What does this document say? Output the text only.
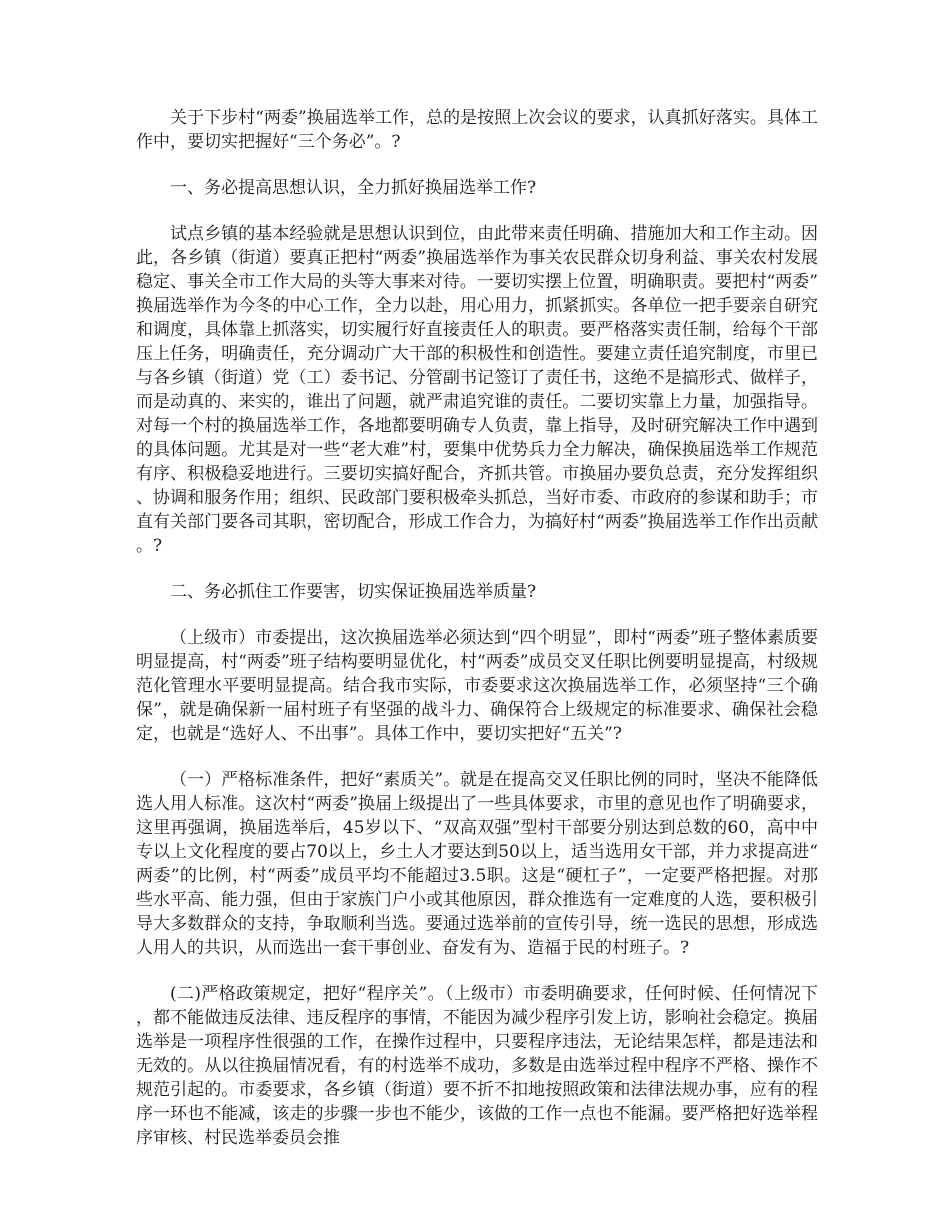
关于下步村“两委”换届选举工作，总的是按照上次会议的要求，认真抓好落实。具体工作中，要切实把握好“三个务必”。?

一、务必提高思想认识，全力抓好换届选举工作?

试点乡镇的基本经验就是思想认识到位，由此带来责任明确、措施加大和工作主动。因此，各乡镇（街道）要真正把村“两委”换届选举作为事关农民群众切身利益、事关农村发展稳定、事关全市工作大局的头等大事来对待。一要切实摆上位置，明确职责。要把村“两委”换届选举作为今冬的中心工作，全力以赴，用心用力，抓紧抓实。各单位一把手要亲自研究和调度，具体靠上抓落实，切实履行好直接责任人的职责。要严格落实责任制，给每个干部压上任务，明确责任，充分调动广大干部的积极性和创造性。要建立责任追究制度，市里已与各乡镇（街道）党（工）委书记、分管副书记签订了责任书，这绝不是搞形式、做样子，而是动真的、来实的，谁出了问题，就严肃追究谁的责任。二要切实靠上力量，加强指导。对每一个村的换届选举工作，各地都要明确专人负责，靠上指导，及时研究解决工作中遇到的具体问题。尤其是对一些“老大难”村，要集中优势兵力全力解决，确保换届选举工作规范有序、积极稳妥地进行。三要切实搞好配合，齐抓共管。市换届办要负总责，充分发挥组织、协调和服务作用；组织、民政部门要积极牵头抓总，当好市委、市政府的参谋和助手；市直有关部门要各司其职，密切配合，形成工作合力，为搞好村“两委”换届选举工作作出贡献。?

二、务必抓住工作要害，切实保证换届选举质量?

（上级市）市委提出，这次换届选举必须达到“四个明显”，即村“两委”班子整体素质要明显提高，村“两委”班子结构要明显优化，村“两委”成员交叉任职比例要明显提高，村级规范化管理水平要明显提高。结合我市实际，市委要求这次换届选举工作，必须坚持“三个确保”，就是确保新一届村班子有坚强的战斗力、确保符合上级规定的标准要求、确保社会稳定，也就是“选好人、不出事”。具体工作中，要切实把好“五关”?

（一）严格标准条件，把好“素质关”。就是在提高交叉任职比例的同时，坚决不能降低选人用人标准。这次村“两委”换届上级提出了一些具体要求，市里的意见也作了明确要求，这里再强调，换届选举后，45岁以下、“双高双强”型村干部要分别达到总数的60，高中中专以上文化程度的要占70以上，乡土人才要达到50以上，适当选用女干部，并力求提高进“两委”的比例，村“两委”成员平均不能超过3.5职。这是“硬杠子”，一定要严格把握。对那些水平高、能力强，但由于家族门户小或其他原因，群众推选有一定难度的人选，要积极引导大多数群众的支持，争取顺利当选。要通过选举前的宣传引导，统一选民的思想，形成选人用人的共识，从而选出一套干事创业、奋发有为、造福于民的村班子。?

(二)严格政策规定，把好“程序关”。（上级市）市委明确要求，任何时候、任何情况下，都不能做违反法律、违反程序的事情，不能因为减少程序引发上访，影响社会稳定。换届选举是一项程序性很强的工作，在操作过程中，只要程序违法，无论结果怎样，都是违法和无效的。从以往换届情况看，有的村选举不成功，多数是由选举过程中程序不严格、操作不规范引起的。市委要求，各乡镇（街道）要不折不扣地按照政策和法律法规办事，应有的程序一环也不能减，该走的步骤一步也不能少，该做的工作一点也不能漏。要严格把好选举程序审核、村民选举委员会推
